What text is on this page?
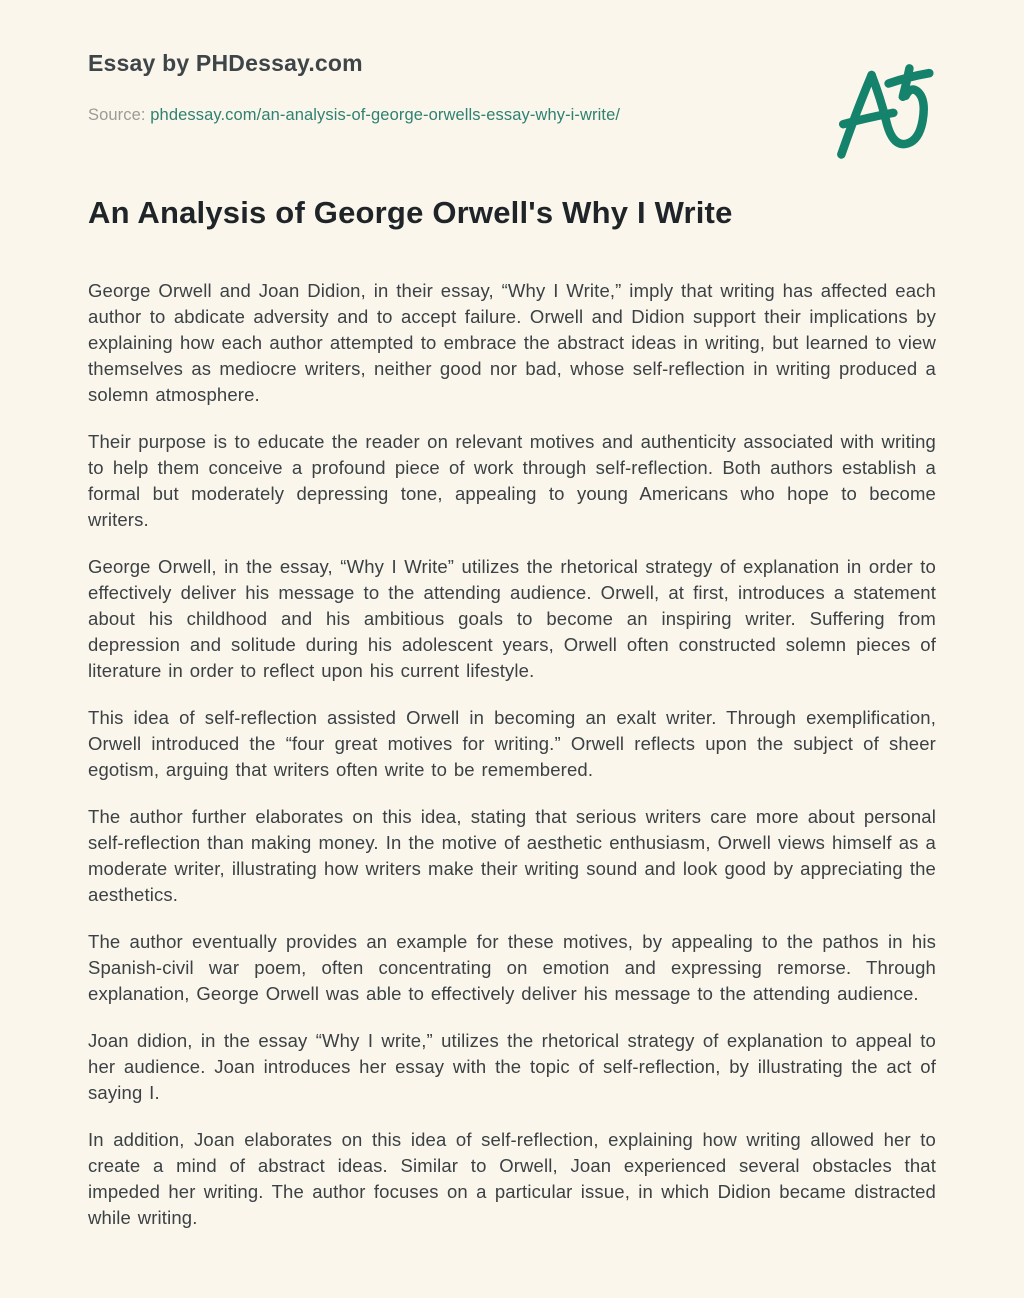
Essay by PHDessay.com
Source: phdessay.com/an-analysis-of-george-orwells-essay-why-i-write/
An Analysis of George Orwell's Why I Write

George Orwell and Joan Didion, in their essay, “Why I Write,” imply that writing has affected each author to abdicate adversity and to accept failure. Orwell and Didion support their implications by explaining how each author attempted to embrace the abstract ideas in writing, but learned to view themselves as mediocre writers, neither good nor bad, whose self-reflection in writing produced a solemn atmosphere.

Their purpose is to educate the reader on relevant motives and authenticity associated with writing to help them conceive a profound piece of work through self-reflection. Both authors establish a formal but moderately depressing tone, appealing to young Americans who hope to become writers.

George Orwell, in the essay, “Why I Write” utilizes the rhetorical strategy of explanation in order to effectively deliver his message to the attending audience. Orwell, at first, introduces a statement about his childhood and his ambitious goals to become an inspiring writer. Suffering from depression and solitude during his adolescent years, Orwell often constructed solemn pieces of literature in order to reflect upon his current lifestyle.

This idea of self-reflection assisted Orwell in becoming an exalt writer. Through exemplification, Orwell introduced the “four great motives for writing.” Orwell reflects upon the subject of sheer egotism, arguing that writers often write to be remembered.

The author further elaborates on this idea, stating that serious writers care more about personal self-reflection than making money. In the motive of aesthetic enthusiasm, Orwell views himself as a moderate writer, illustrating how writers make their writing sound and look good by appreciating the aesthetics.

The author eventually provides an example for these motives, by appealing to the pathos in his Spanish-civil war poem, often concentrating on emotion and expressing remorse. Through explanation, George Orwell was able to effectively deliver his message to the attending audience.

Joan didion, in the essay “Why I write,” utilizes the rhetorical strategy of explanation to appeal to her audience. Joan introduces her essay with the topic of self-reflection, by illustrating the act of saying I.

In addition, Joan elaborates on this idea of self-reflection, explaining how writing allowed her to create a mind of abstract ideas. Similar to Orwell, Joan experienced several obstacles that impeded her writing. The author focuses on a particular issue, in which Didion became distracted while writing.
